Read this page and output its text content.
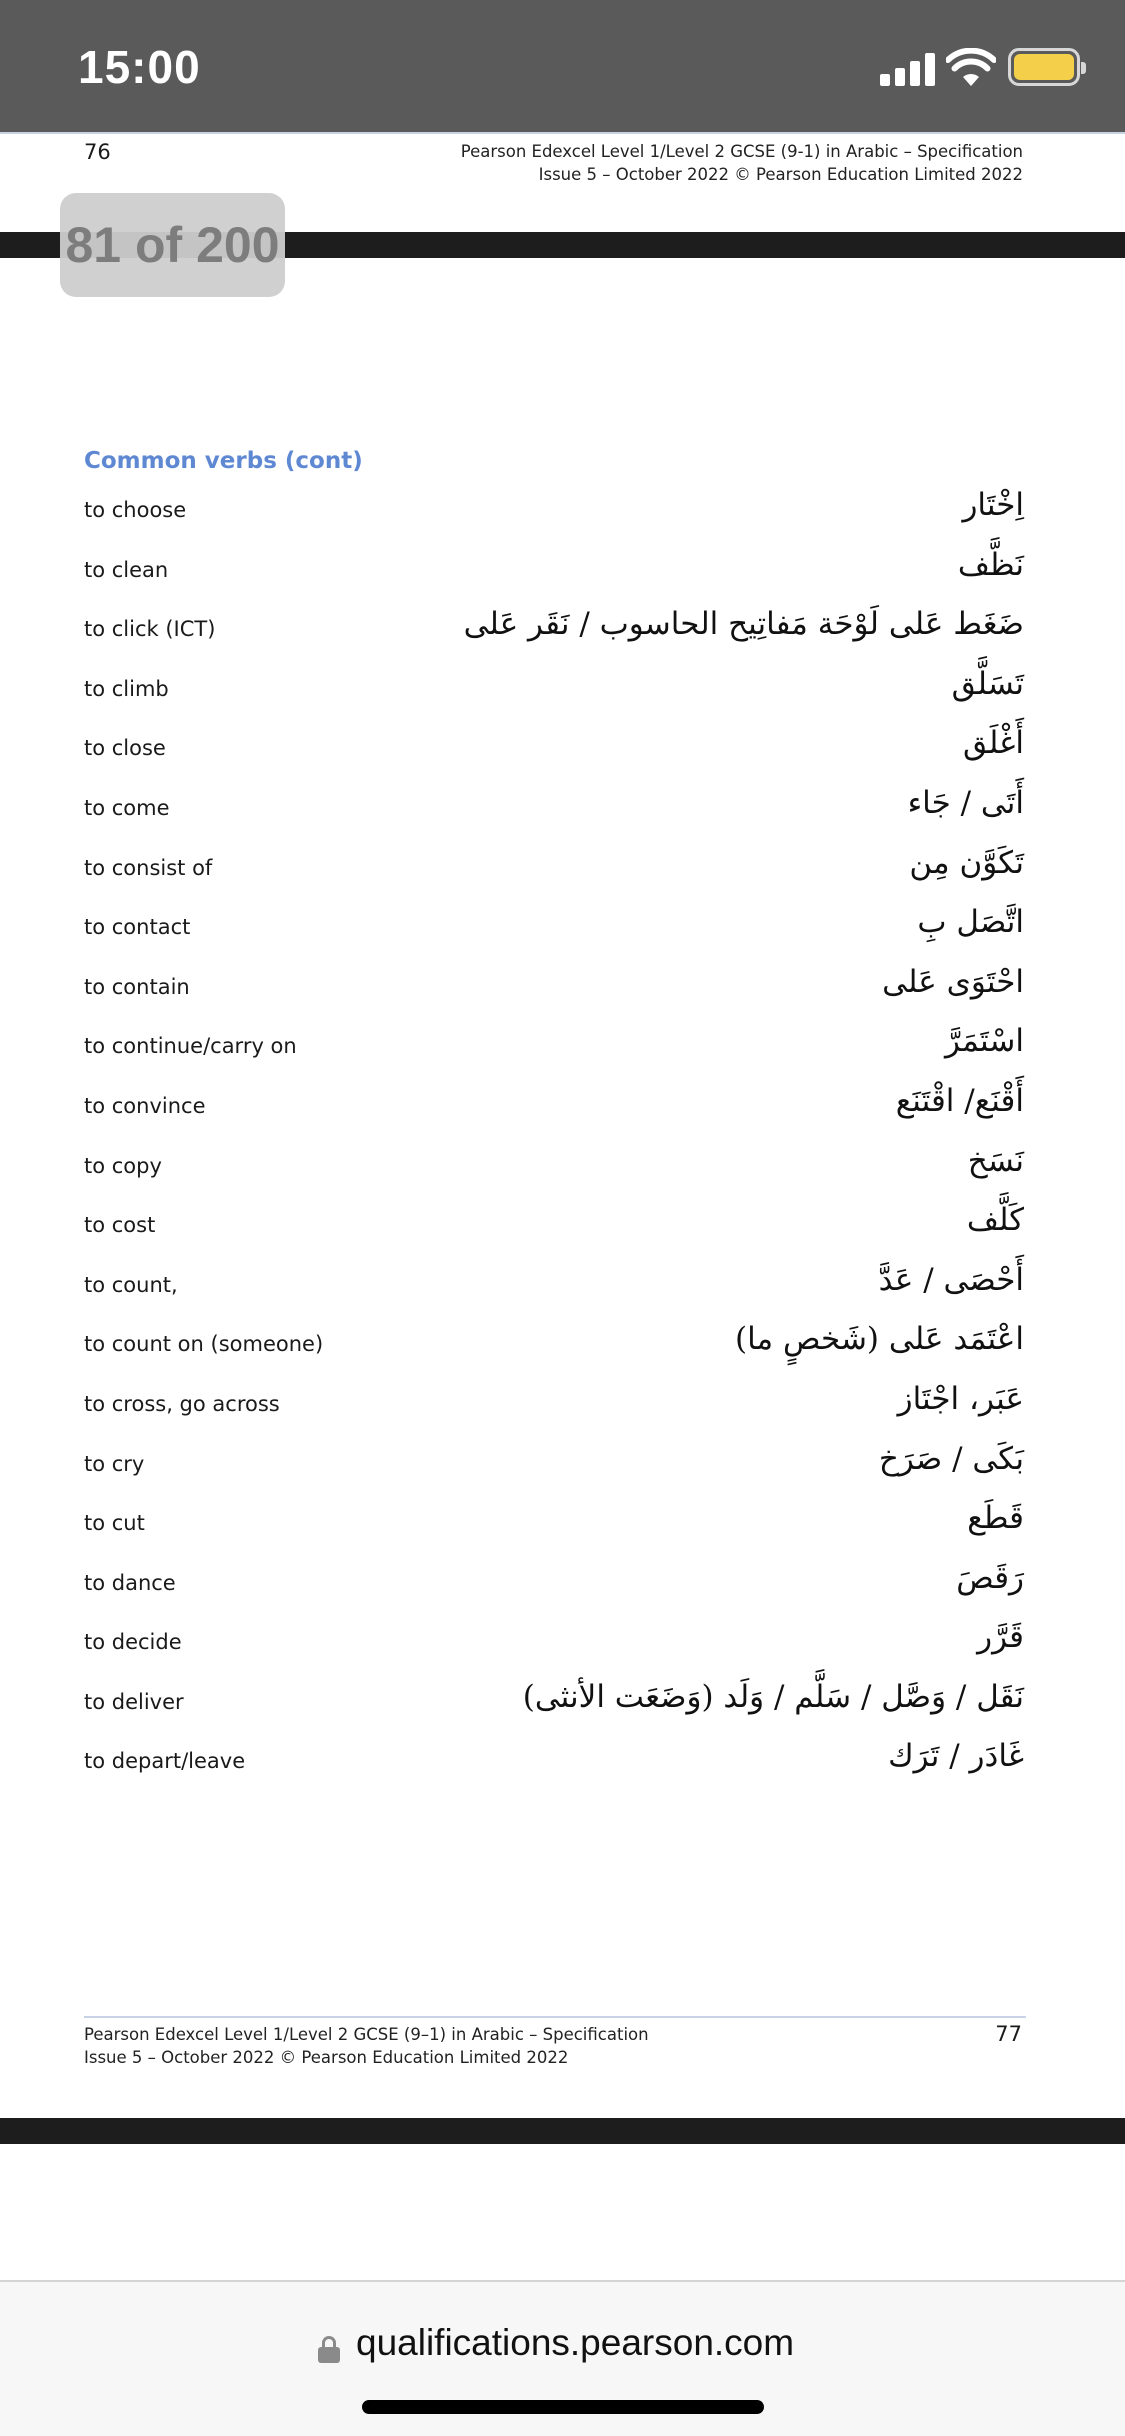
15:00
76	Pearson Edexcel Level 1/Level 2 GCSE (9-1) in Arabic – Specification
Issue 5 – October 2022 © Pearson Education Limited 2022
81 of 200
Common verbs (cont)
to choose	اِخْتَار
to clean	نَظَّف
to click (ICT)	ضَغَط عَلى لَوْحَة مَفاتِيح الحاسوب / نَقَر عَلى
to climb	تَسَلَّق
to close	أَغْلَق
to come	أَتَى / جَاء
to consist of	تَكَوَّن مِن
to contact	اتَّصَل بِ
to contain	احْتَوَى عَلى
to continue/carry on	اسْتَمَرَّ
to convince	أَقْنَع/ اقْتَنَع
to copy	نَسَخ
to cost	كَلَّف
to count,	أَحْصَى / عَدَّ
to count on (someone)	اعْتَمَد عَلى (شَخصٍ ما)
to cross, go across	عَبَر، اجْتَاز
to cry	بَكَى / صَرَخ
to cut	قَطَع
to dance	رَقَصَ
to decide	قَرَّر
to deliver	نَقَل / وَصَّل / سَلَّم / وَلَد (وَضَعَت الأنثى)
to depart/leave	غَادَر / تَرَك
Pearson Edexcel Level 1/Level 2 GCSE (9–1) in Arabic – Specification
Issue 5 – October 2022 © Pearson Education Limited 2022
77
qualifications.pearson.com
